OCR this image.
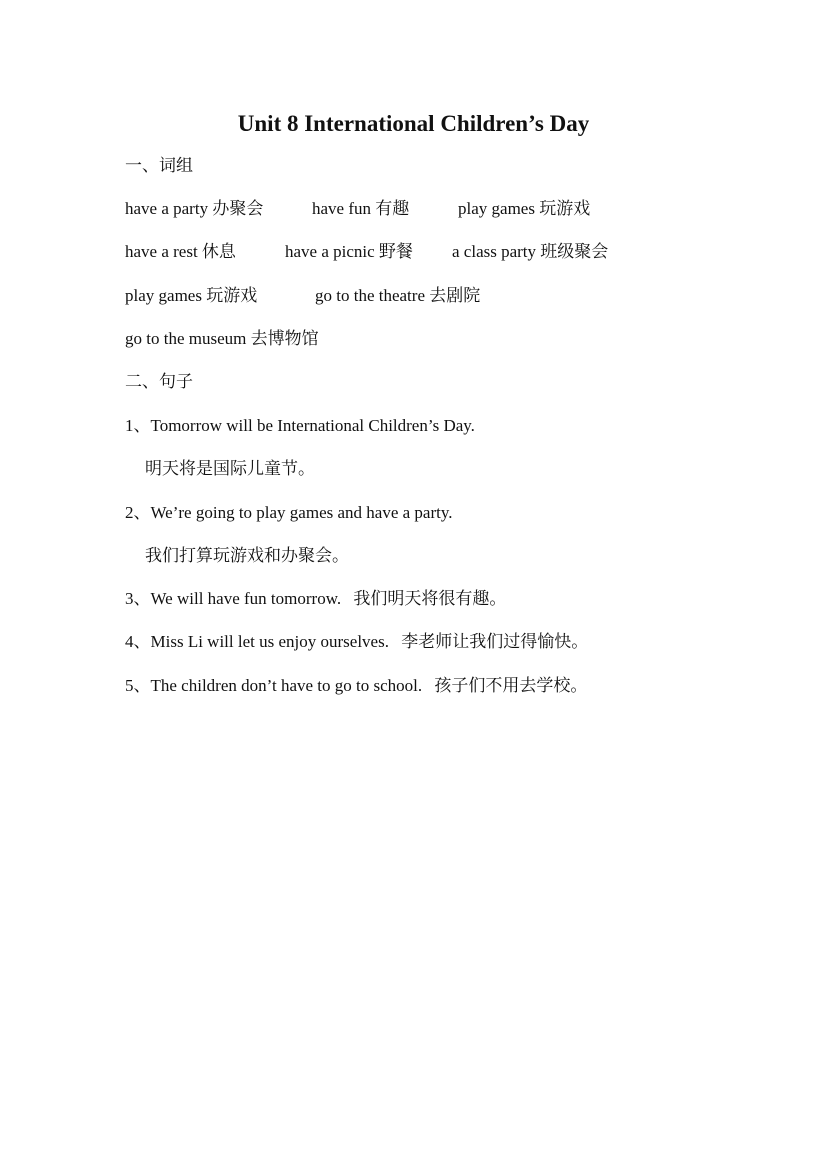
Unit 8 International Children’s Day
一、词组
have a party 办聚会	have fun 有趣	play games 玩游戏
have a rest 休息	have a picnic 野餐 a class party 班级聚会
play games 玩游戏	go to the theatre 去剧院
go to the museum 去博物馆
二、句子
1、Tomorrow will be International Children’s Day.
明天将是国际儿童节。
2、We’re going to play games and have a party.
我们打算玩游戏和办聚会。
3、We will have fun tomorrow. 我们明天将很有趣。
4、Miss Li will let us enjoy ourselves. 李老师让我们过得愉快。
5、The children don’t have to go to school. 孩子们不用去学校。
